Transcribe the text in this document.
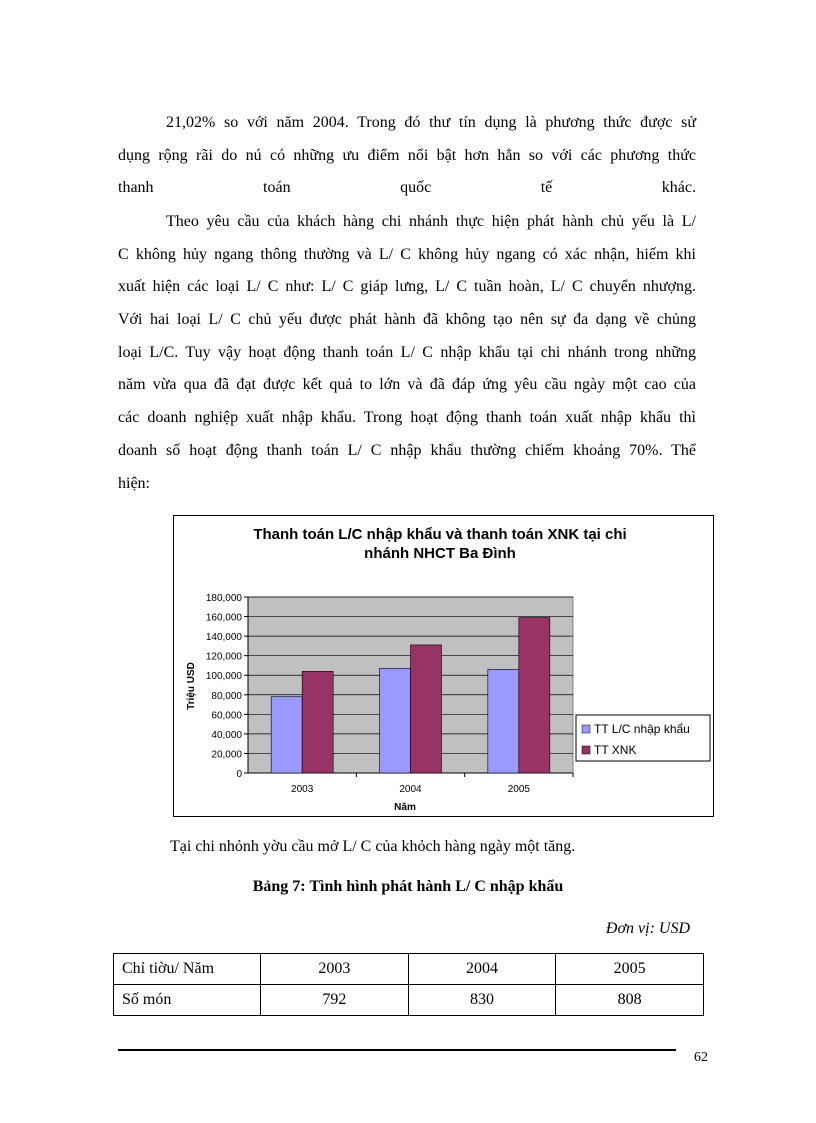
21,02% so với năm 2004. Trong đó thư tín dụng là phương thức được sử
dụng rộng rãi do nú có những ưu điểm nổi bật hơn hẳn so với các phương thức
thanh toán quốc tế khác.
Theo yêu cầu của khách hàng chi nhánh thực hiện phát hành chủ yếu là L/
C không hủy ngang thông thường và L/ C không hủy ngang có xác nhận, hiếm khi
xuất hiện các loại L/ C như: L/ C giáp lưng, L/ C tuần hoàn, L/ C chuyển nhượng.
Với hai loại L/ C chủ yếu được phát hành đã không tạo nên sự đa dạng về chủng
loại L/C. Tuy vậy hoạt động thanh toán L/ C nhập khẩu tại chi nhánh trong những
năm vừa qua đã đạt được kết quả to lớn và đã đáp ứng yêu cầu ngày một cao của
các doanh nghiệp xuất nhập khẩu. Trong hoạt động thanh toán xuất nhập khẩu thì
doanh số hoạt động thanh toán L/ C nhập khẩu thường chiếm khoảng 70%. Thể
hiện:
Thanh toán L/C nhập khẩu và thanh toán XNK tại chi
nhánh NHCT Ba Đình
0
20,000
40,000
60,000
80,000
100,000
120,000
140,000
160,000
180,000
2003	2004	2005
Triệu USD
Năm
TT L/C nhập khẩu
TT XNK

Tại chi nhỏnh yờu cầu mở L/ C của khỏch hàng ngày một tăng.

Bảng 7: Tình hình phát hành L/ C nhập khẩu

Đơn vị: USD
Chỉ tiờu/ Năm	2003	2004	2005
Số món	792	830	808
62
